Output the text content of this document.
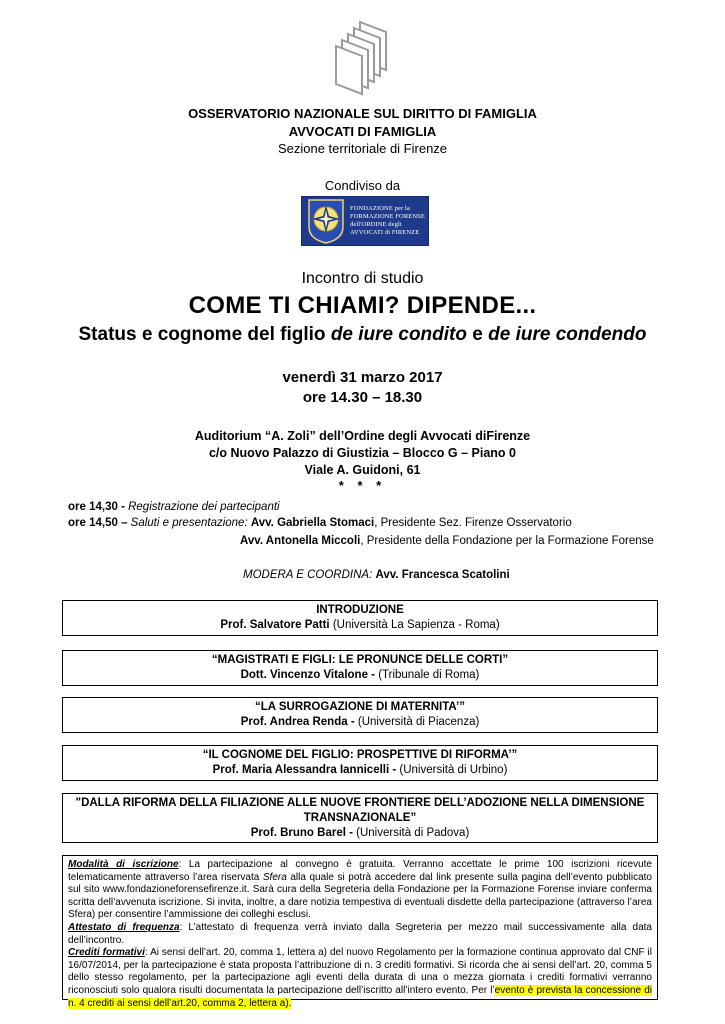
OSSERVATORIO NAZIONALE SUL DIRITTO DI FAMIGLIA
AVVOCATI DI FAMIGLIA
Sezione territoriale di Firenze
Condiviso da
FONDAZIONE per la
FORMAZIONE FORENSE
dell'ORDINE degli
AVVOCATI di FIRENZE
Incontro di studio
COME TI CHIAMI? DIPENDE...
Status e cognome del figlio de iure condito e de iure condendo
venerdì 31 marzo 2017
ore 14.30 – 18.30
Auditorium “A. Zoli” dell’Ordine degli Avvocati diFirenze
c/o Nuovo Palazzo di Giustizia – Blocco G – Piano 0
Viale A. Guidoni, 61
* * *
ore 14,30 - Registrazione dei partecipanti
ore 14,50 – Saluti e presentazione: Avv. Gabriella Stomaci, Presidente Sez. Firenze Osservatorio
Avv. Antonella Miccoli, Presidente della Fondazione per la Formazione Forense
MODERA E COORDINA: Avv. Francesca Scatolini
INTRODUZIONE
Prof. Salvatore Patti (Università La Sapienza - Roma)
“MAGISTRATI E FIGLI: LE PRONUNCE DELLE CORTI”
Dott. Vincenzo Vitalone - (Tribunale di Roma)
“LA SURROGAZIONE DI MATERNITA’”
Prof. Andrea Renda - (Università di Piacenza)
“IL COGNOME DEL FIGLIO: PROSPETTIVE DI RIFORMA’”
Prof. Maria Alessandra Iannicelli - (Università di Urbino)
"DALLA RIFORMA DELLA FILIAZIONE ALLE NUOVE FRONTIERE DELL’ADOZIONE NELLA DIMENSIONE
TRANSNAZIONALE”
Prof. Bruno Barel - (Università di Padova)

Modalità di iscrizione: La partecipazione al convegno è gratuita. Verranno accettate le prime 100 iscrizioni ricevute telematicamente attraverso l’area riservata Sfera alla quale si potrà accedere dal link presente sulla pagina dell’evento pubblicato sul sito www.fondazioneforensefirenze.it. Sarà cura della Segreteria della Fondazione per la Formazione Forense inviare conferma scritta dell’avvenuta iscrizione. Si invita, inoltre, a dare notizia tempestiva di eventuali disdette della partecipazione (attraverso l’area Sfera) per consentire l’ammissione dei colleghi esclusi.

Attestato di frequenza: L’attestato di frequenza verrà inviato dalla Segreteria per mezzo mail successivamente alla data dell’incontro.

Crediti formativi: Ai sensi dell’art. 20, comma 1, lettera a) del nuovo Regolamento per la formazione continua approvato dal CNF il 16/07/2014, per la partecipazione è stata proposta l’attribuzione di n. 3 crediti formativi. Si ricorda che ai sensi dell’art. 20, comma 5 dello stesso regolamento, per la partecipazione agli eventi della durata di una o mezza giornata i crediti formativi verranno riconosciuti solo qualora risulti documentata la partecipazione dell’iscritto all’intero evento. Per l’evento è prevista la concessione di n. 4 crediti ai sensi dell’art.20, comma 2, lettera a).
